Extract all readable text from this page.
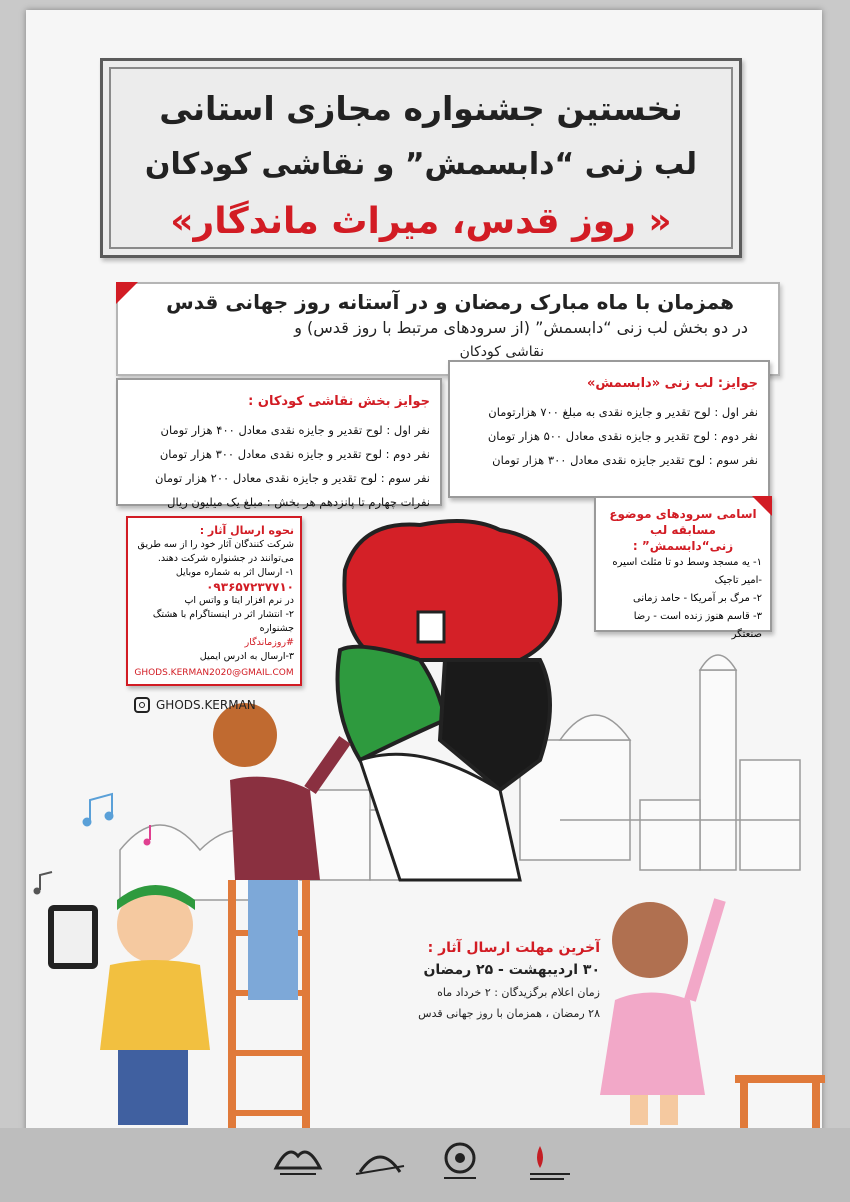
نخستین جشنواره مجازی استانی
لب زنی “دابسمش” و نقاشی کودکان
« روز قدس، میراث ماندگار»
همزمان با ماه مبارک رمضان و در آستانه روز جهانی قدس
در دو بخش لب زنی “دابسمش” (از سرودهای مرتبط با روز قدس) و
نقاشی کودکان
جوایز: لب زنی «دابسمش»
نفر اول : لوح تقدیر و جایزه نقدی به مبلغ ۷۰۰ هزارتومان
نفر دوم : لوح تقدیر و جایزه نقدی معادل ۵۰۰ هزار تومان
نفر سوم : لوح تقدیر جایزه نقدی معادل ۳۰۰ هزار تومان
جوایز بخش نقاشی کودکان :
نفر اول : لوح تقدیر و جایزه نقدی معادل ۴۰۰ هزار تومان
نفر دوم : لوح تقدیر و جایزه نقدی معادل ۳۰۰ هزار تومان
نفر سوم : لوح تقدیر و جایزه نقدی معادل ۲۰۰ هزار تومان
نفرات چهارم تا پانزدهم هر بخش : مبلغ یک میلیون ریال
اسامی سرودهای موضوع
مسابقه لب زنی“دابسمش” :
۱- یه مسجد وسط دو تا مثلث اسیره
-امیر تاجیک
۲- مرگ بر آمریکا - حامد زمانی
۳- قاسم هنوز زنده است - رضا صنعتگر
نحوه ارسال آثار :
شرکت کنندگان آثار خود را از سه طریق می‌توانند در جشنواره شرکت دهند.
۱- ارسال اثر به شماره موبایل
۰۹۳۶۵۷۲۳۷۷۱۰
در نرم افزار ایتا و واتس اپ
۲- انتشار اثر در اینستاگرام با هشتگ جشنواره
#روزماندگار
۳-ارسال به ادرس ایمیل
GHODS.KERMAN2020@GMAIL.COM
GHODS.KERMAN
آخرین مهلت ارسال آثار :
۳۰ اردیبهشت - ۲۵ رمضان
زمان اعلام برگزیدگان : ۲ خرداد ماه
۲۸ رمضان ، همزمان با روز جهانی قدس
